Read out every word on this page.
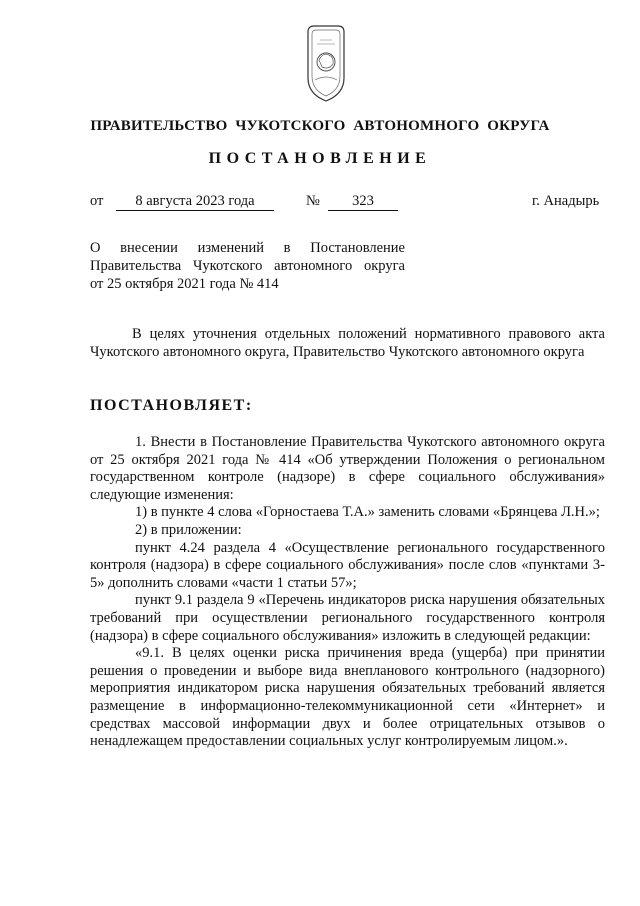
ПРАВИТЕЛЬСТВО ЧУКОТСКОГО АВТОНОМНОГО ОКРУГА
ПОСТАНОВЛЕНИЕ
от	8 августа 2023 года	№	323	г. Анадырь
О внесении изменений в Постановление
Правительства Чукотского автономного округа
от 25 октября 2021 года № 414
В целях уточнения отдельных положений нормативного правового акта Чукотского автономного округа, Правительство Чукотского автономного округа
ПОСТАНОВЛЯЕТ:

1. Внести в Постановление Правительства Чукотского автономного округа от 25 октября 2021 года № 414 «Об утверждении Положения о региональном государственном контроле (надзоре) в сфере социального обслуживания» следующие изменения:

1) в пункте 4 слова «Горностаева Т.А.» заменить словами «Брянцева Л.Н.»;

2) в приложении:

пункт 4.24 раздела 4 «Осуществление регионального государственного контроля (надзора) в сфере социального обслуживания» после слов «пунктами 3-5» дополнить словами «части 1 статьи 57»;

пункт 9.1 раздела 9 «Перечень индикаторов риска нарушения обязательных требований при осуществлении регионального государственного контроля (надзора) в сфере социального обслуживания» изложить в следующей редакции:

«9.1. В целях оценки риска причинения вреда (ущерба) при принятии решения о проведении и выборе вида внепланового контрольного (надзорного) мероприятия индикатором риска нарушения обязательных требований является размещение в информационно-телекоммуникационной сети «Интернет» и средствах массовой информации двух и более отрицательных отзывов о ненадлежащем предоставлении социальных услуг контролируемым лицом.».
